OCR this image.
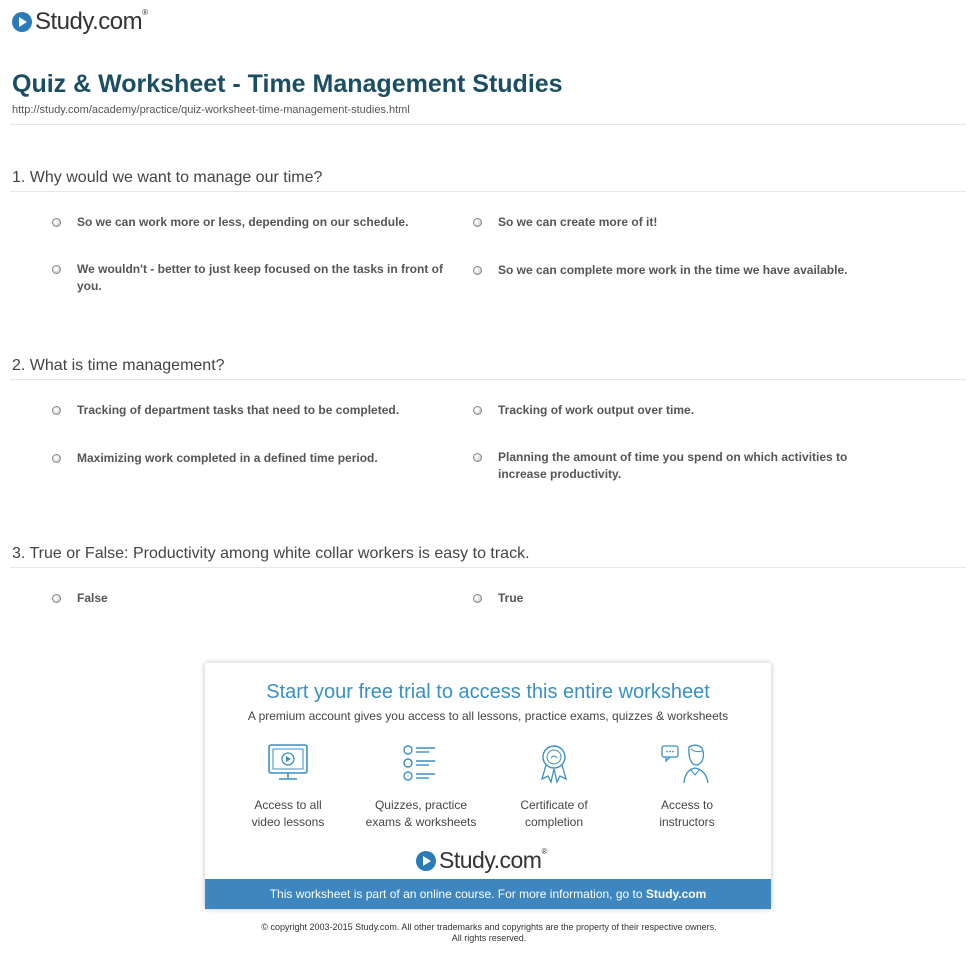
Study.com®
Quiz & Worksheet - Time Management Studies
http://study.com/academy/practice/quiz-worksheet-time-management-studies.html
1. Why would we want to manage our time?
So we can work more or less, depending on our schedule.	So we can create more of it!
We wouldn't - better to just keep focused on the tasks in front of you.
So we can complete more work in the time we have available.
2. What is time management?
Tracking of department tasks that need to be completed.	Tracking of work output over time.
Maximizing work completed in a defined time period.	Planning the amount of time you spend on which activities to increase productivity.
3. True or False: Productivity among white collar workers is easy to track.
False	True
Start your free trial to access this entire worksheet
A premium account gives you access to all lessons, practice exams, quizzes & worksheets
Access to all
video lessons
Quizzes, practice
exams & worksheets
Certificate of
completion
Access to
instructors
Study.com®
This worksheet is part of an online course. For more information, go to Study.com
© copyright 2003-2015 Study.com. All other trademarks and copyrights are the property of their respective owners.
All rights reserved.
